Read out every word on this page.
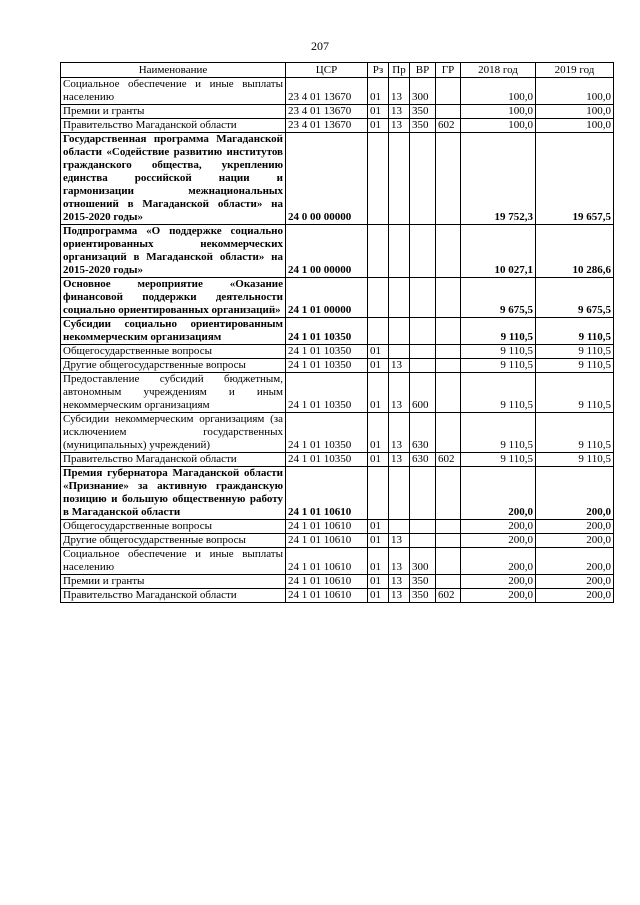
207
Наименование	ЦСР	Рз	Пр	ВР	ГР	2018 год	2019 год
Социальное обеспечение и иные выплаты населению	23 4 01 13670	01	13	300		100,0	100,0
Премии и гранты	23 4 01 13670	01	13	350		100,0	100,0
Правительство Магаданской области	23 4 01 13670	01	13	350	602	100,0	100,0
Государственная программа Магаданской области «Содействие развитию институтов гражданского общества, укреплению единства российской нации и гармонизации межнациональных отношений в Магаданской области» на 2015-2020 годы»	24 0 00 00000					19 752,3	19 657,5
Подпрограмма «О поддержке социально ориентированных некоммерческих организаций в Магаданской области» на 2015-2020 годы»	24 1 00 00000					10 027,1	10 286,6
Основное мероприятие «Оказание финансовой поддержки деятельности социально ориентированных организаций»	24 1 01 00000					9 675,5	9 675,5
Субсидии социально ориентированным некоммерческим организациям	24 1 01 10350					9 110,5	9 110,5
Общегосударственные вопросы	24 1 01 10350	01				9 110,5	9 110,5
Другие общегосударственные вопросы	24 1 01 10350	01	13			9 110,5	9 110,5
Предоставление субсидий бюджетным, автономным учреждениям и иным некоммерческим организациям	24 1 01 10350	01	13	600		9 110,5	9 110,5
Субсидии некоммерческим организациям (за исключением государственных (муниципальных) учреждений)	24 1 01 10350	01	13	630		9 110,5	9 110,5
Правительство Магаданской области	24 1 01 10350	01	13	630	602	9 110,5	9 110,5
Премия губернатора Магаданской области «Признание» за активную гражданскую позицию и большую общественную работу в Магаданской области	24 1 01 10610					200,0	200,0
Общегосударственные вопросы	24 1 01 10610	01				200,0	200,0
Другие общегосударственные вопросы	24 1 01 10610	01	13			200,0	200,0
Социальное обеспечение и иные выплаты населению	24 1 01 10610	01	13	300		200,0	200,0
Премии и гранты	24 1 01 10610	01	13	350		200,0	200,0
Правительство Магаданской области	24 1 01 10610	01	13	350	602	200,0	200,0
